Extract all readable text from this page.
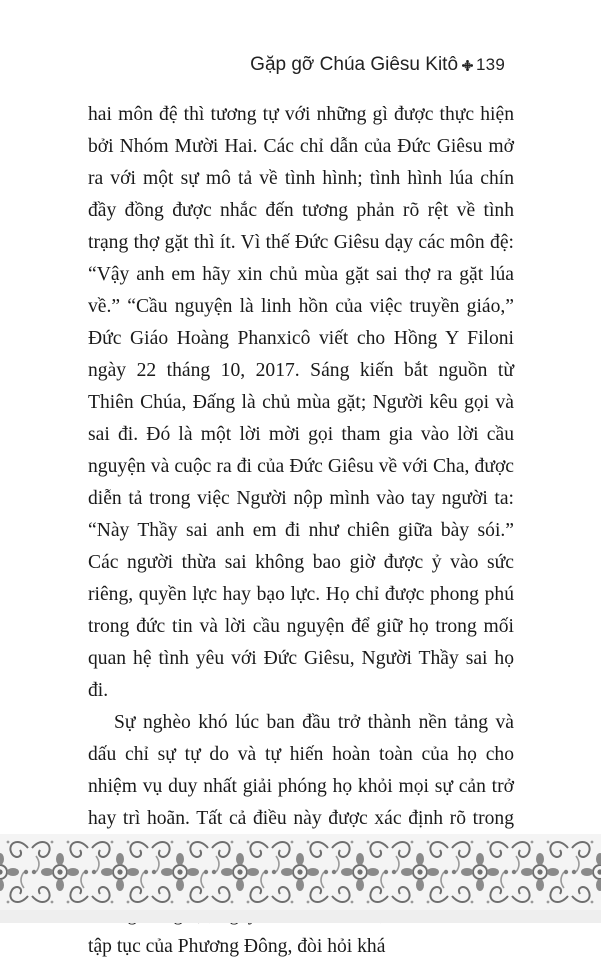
Gặp gỡ Chúa Giêsu Kitô 139

hai môn đệ thì tương tự với những gì được thực hiện bởi Nhóm Mười Hai. Các chỉ dẫn của Đức Giêsu mở ra với một sự mô tả về tình hình; tình hình lúa chín đầy đồng được nhắc đến tương phản rõ rệt về tình trạng thợ gặt thì ít. Vì thế Đức Giêsu dạy các môn đệ: “Vậy anh em hãy xin chủ mùa gặt sai thợ ra gặt lúa về.” “Cầu nguyện là linh hồn của việc truyền giáo,” Đức Giáo Hoàng Phanxicô viết cho Hồng Y Filoni ngày 22 tháng 10, 2017. Sáng kiến bắt nguồn từ Thiên Chúa, Đấng là chủ mùa gặt; Người kêu gọi và sai đi. Đó là một lời mời gọi tham gia vào lời cầu nguyện và cuộc ra đi của Đức Giêsu về với Cha, được diễn tả trong việc Người nộp mình vào tay người ta: “Này Thầy sai anh em đi như chiên giữa bày sói.” Các người thừa sai không bao giờ được ỷ vào sức riêng, quyền lực hay bạo lực. Họ chỉ được phong phú trong đức tin và lời cầu nguyện để giữ họ trong mối quan hệ tình yêu với Đức Giêsu, Người Thầy sai họ đi.

Sự nghèo khó lúc ban đầu trở thành nền tảng và dấu chỉ sự tự do và tự hiến hoàn toàn của họ cho nhiệm vụ duy nhất giải phóng họ khỏi mọi sự cản trở hay trì hoãn. Tất cả điều này được xác định rõ trong tập tục của Phương Đông, đòi hỏi khá
